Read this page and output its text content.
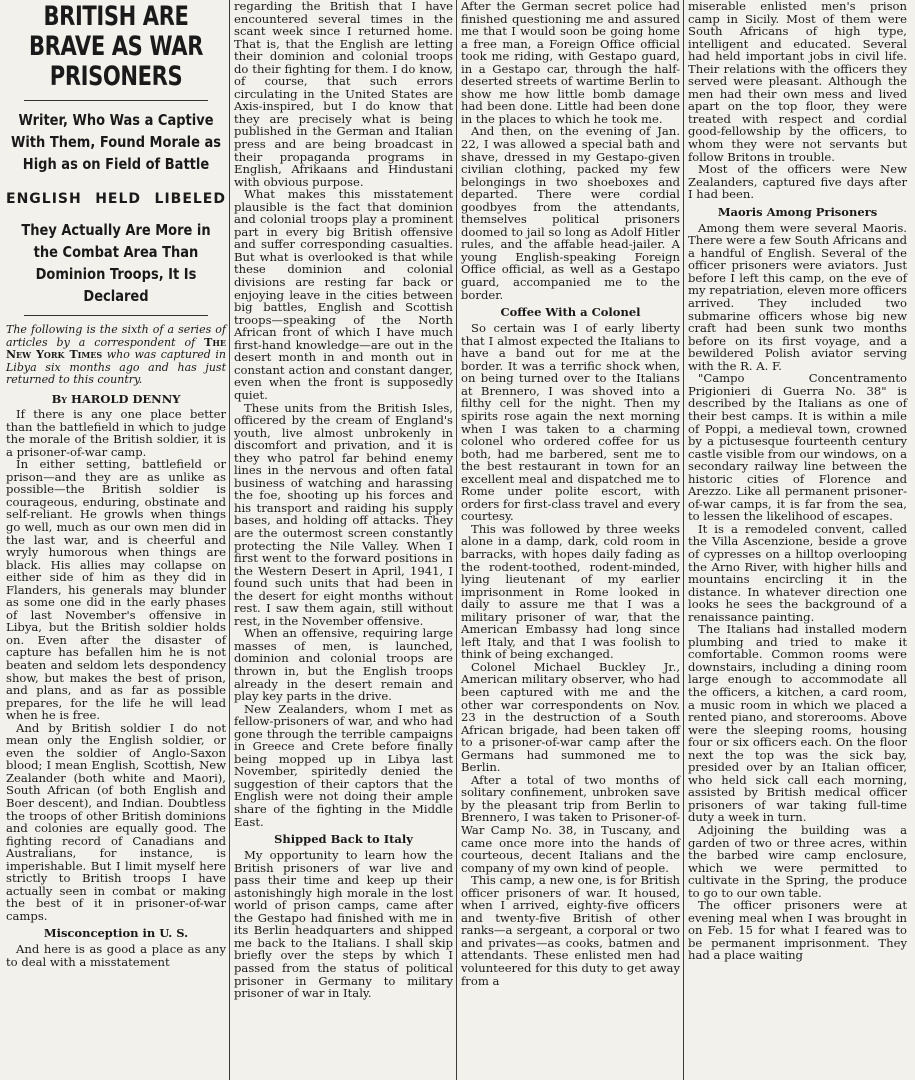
BRITISH ARE BRAVE AS WAR PRISONERS
Writer, Who Was a Captive With Them, Found Morale as High as on Field of Battle
ENGLISH HELD LIBELED
They Actually Are More in the Combat Area Than Dominion Troops, It Is Declared
The following is the sixth of a series of articles by a correspondent of The New York Times who was captured in Libya six months ago and has just returned to this country.
By HAROLD DENNY

If there is any one place better than the battlefield in which to judge the morale of the British soldier, it is a prisoner-of-war camp.

In either setting, battlefield or prison—and they are as unlike as possible—the British soldier is courageous, enduring, obstinate and self-reliant. He growls when things go well, much as our own men did in the last war, and is cheerful and wryly humorous when things are black. His allies may collapse on either side of him as they did in Flanders, his generals may blunder as some one did in the early phases of last November's offensive in Libya, but the British soldier holds on. Even after the disaster of capture has befallen him he is not beaten and seldom lets despondency show, but makes the best of prison, and plans, and as far as possible prepares, for the life he will lead when he is free.

And by British soldier I do not mean only the English soldier, or even the soldier of Anglo-Saxon blood; I mean English, Scottish, New Zealander (both white and Maori), South African (of both English and Boer descent), and Indian. Doubtless the troops of other British dominions and colonies are equally good. The fighting record of Canadians and Australians, for instance, is imperishable. But I limit myself here strictly to British troops I have actually seen in combat or making the best of it in prisoner-of-war camps.

Misconception in U. S.

And here is as good a place as any to deal with a misstatement

regarding the British that I have encountered several times in the scant week since I returned home. That is, that the English are letting their dominion and colonial troops do their fighting for them. I do know, of course, that such errors circulating in the United States are Axis-inspired, but I do know that they are precisely what is being published in the German and Italian press and are being broadcast in their propaganda programs in English, Afrikaans and Hindustani with obvious purpose.

What makes this misstatement plausible is the fact that dominion and colonial troops play a prominent part in every big British offensive and suffer corresponding casualties. But what is overlooked is that while these dominion and colonial divisions are resting far back or enjoying leave in the cities between big battles, English and Scottish troops—speaking of the North African front of which I have much first-hand knowledge—are out in the desert month in and month out in constant action and constant danger, even when the front is supposedly quiet.

These units from the British Isles, officered by the cream of England's youth, live almost unbrokenly in discomfort and privation, and it is they who patrol far behind enemy lines in the nervous and often fatal business of watching and harassing the foe, shooting up his forces and his transport and raiding his supply bases, and holding off attacks. They are the outermost screen constantly protecting the Nile Valley. When I first went to the forward positions in the Western Desert in April, 1941, I found such units that had been in the desert for eight months without rest. I saw them again, still without rest, in the November offensive.

When an offensive, requiring large masses of men, is launched, dominion and colonial troops are thrown in, but the English troops already in the desert remain and play key parts in the drive.

New Zealanders, whom I met as fellow-prisoners of war, and who had gone through the terrible campaigns in Greece and Crete before finally being mopped up in Libya last November, spiritedly denied the suggestion of their captors that the English were not doing their ample share of the fighting in the Middle East.

Shipped Back to Italy

My opportunity to learn how the British prisoners of war live and pass their time and keep up their astonishingly high morale in the lost world of prison camps, came after the Gestapo had finished with me in its Berlin headquarters and shipped me back to the Italians. I shall skip briefly over the steps by which I passed from the status of political prisoner in Germany to military prisoner of war in Italy.

After the German secret police had finished questioning me and assured me that I would soon be going home a free man, a Foreign Office official took me riding, with Gestapo guard, in a Gestapo car, through the half-deserted streets of wartime Berlin to show me how little bomb damage had been done. Little had been done in the places to which he took me.

And then, on the evening of Jan. 22, I was allowed a special bath and shave, dressed in my Gestapo-given civilian clothing, packed my few belongings in two shoeboxes and departed. There were cordial goodbyes from the attendants, themselves political prisoners doomed to jail so long as Adolf Hitler rules, and the affable head-jailer. A young English-speaking Foreign Office official, as well as a Gestapo guard, accompanied me to the border.

Coffee With a Colonel

So certain was I of early liberty that I almost expected the Italians to have a band out for me at the border. It was a terrific shock when, on being turned over to the Italians at Brennero, I was shoved into a filthy cell for the night. Then my spirits rose again the next morning when I was taken to a charming colonel who ordered coffee for us both, had me barbered, sent me to the best restaurant in town for an excellent meal and dispatched me to Rome under polite escort, with orders for first-class travel and every courtesy.

This was followed by three weeks alone in a damp, dark, cold room in barracks, with hopes daily fading as the rodent-toothed, rodent-minded, lying lieutenant of my earlier imprisonment in Rome looked in daily to assure me that I was a military prisoner of war, that the American Embassy had long since left Italy, and that I was foolish to think of being exchanged.

Colonel Michael Buckley Jr., American military observer, who had been captured with me and the other war correspondents on Nov. 23 in the destruction of a South African brigade, had been taken off to a prisoner-of-war camp after the Germans had summoned me to Berlin.

After a total of two months of solitary confinement, unbroken save by the pleasant trip from Berlin to Brennero, I was taken to Prisoner-of-War Camp No. 38, in Tuscany, and came once more into the hands of courteous, decent Italians and the company of my own kind of people.

This camp, a new one, is for British officer prisoners of war. It housed, when I arrived, eighty-five officers and twenty-five British of other ranks—a sergeant, a corporal or two and privates—as cooks, batmen and attendants. These enlisted men had volunteered for this duty to get away from a

miserable enlisted men's prison camp in Sicily. Most of them were South Africans of high type, intelligent and educated. Several had held important jobs in civil life. Their relations with the officers they served were pleasant. Although the men had their own mess and lived apart on the top floor, they were treated with respect and cordial good-fellowship by the officers, to whom they were not servants but follow Britons in trouble.

Most of the officers were New Zealanders, captured five days after I had been.

Maoris Among Prisoners

Among them were several Maoris. There were a few South Africans and a handful of English. Several of the officer prisoners were aviators. Just before I left this camp, on the eve of my repatriation, eleven more officers arrived. They included two submarine officers whose big new craft had been sunk two months before on its first voyage, and a bewildered Polish aviator serving with the R. A. F.

"Campo Concentramento Prigionieri di Guerra No. 38" is described by the Italians as one of their best camps. It is within a mile of Poppi, a medieval town, crowned by a pictusesque fourteenth century castle visible from our windows, on a secondary railway line between the historic cities of Florence and Arezzo. Like all permanent prisoner-of-war camps, it is far from the sea, to lessen the likelihood of escapes.

It is a remodeled convent, called the Villa Ascenzione, beside a grove of cypresses on a hilltop overlooping the Arno River, with higher hills and mountains encircling it in the distance. In whatever direction one looks he sees the background of a renaissance painting.

The Italians had installed modern plumbing and tried to make it comfortable. Common rooms were downstairs, including a dining room large enough to accommodate all the officers, a kitchen, a card room, a music room in which we placed a rented piano, and storerooms. Above were the sleeping rooms, housing four or six officers each. On the floor next the top was the sick bay, presided over by an Italian officer, who held sick call each morning, assisted by British medical officer prisoners of war taking full-time duty a week in turn.

Adjoining the building was a garden of two or three acres, within the barbed wire camp enclosure, which we were permitted to cultivate in the Spring, the produce to go to our own table.

The officer prisoners were at evening meal when I was brought in on Feb. 15 for what I feared was to be permanent imprisonment. They had a place waiting
